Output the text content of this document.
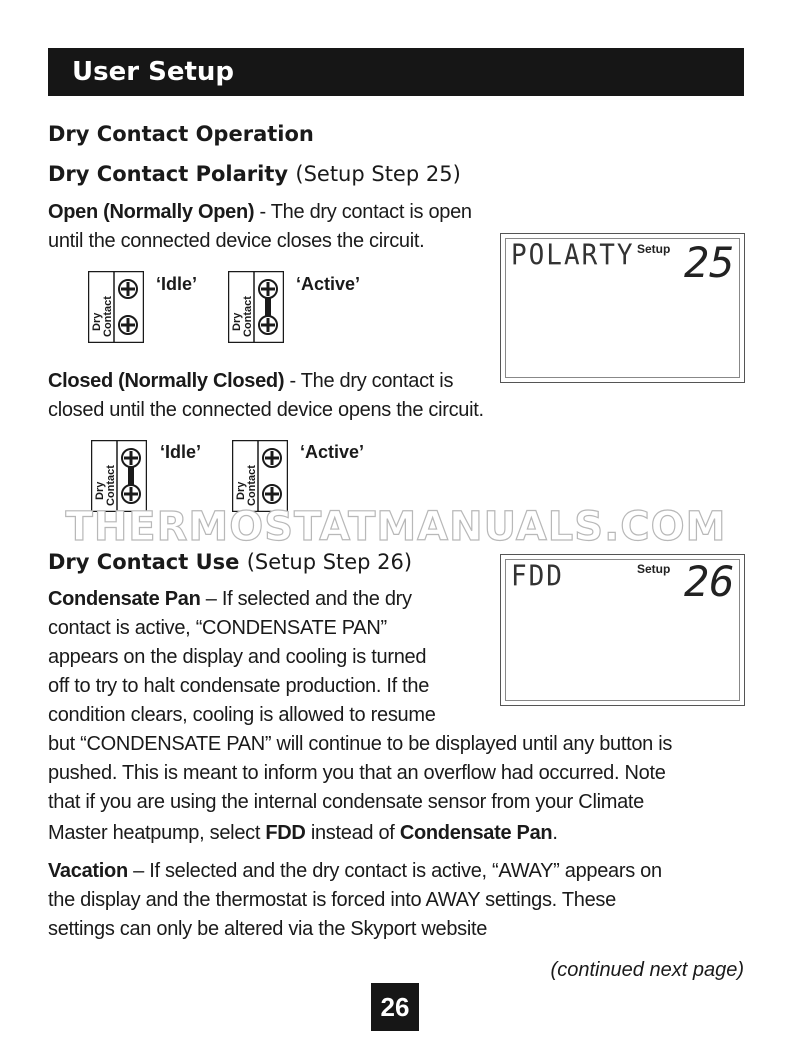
User Setup
Dry Contact Operation
Dry Contact Polarity (Setup Step 25)
Open (Normally Open) - The dry contact is open
until the connected device closes the circuit.	POLARTY Setup 25
Dry Contact
‘Idle’
Dry Contact
‘Active’
Closed (Normally Closed) - The dry contact is
closed until the connected device opens the circuit.
Dry Contact
‘Idle’
Dry Contact
‘Active’
THERMOSTATMANUALS.COM
Dry Contact Use (Setup Step 26)	FDD	Setup 26
Condensate Pan – If selected and the dry
contact is active, “CONDENSATE PAN”
appears on the display and cooling is turned
off to try to halt condensate production. If the
condition clears, cooling is allowed to resume
but “CONDENSATE PAN” will continue to be displayed until any button is
pushed. This is meant to inform you that an overflow had occurred. Note
that if you are using the internal condensate sensor from your Climate
Master heatpump, select FDD instead of Condensate Pan.
Vacation – If selected and the dry contact is active, “AWAY” appears on
the display and the thermostat is forced into AWAY settings. These
settings can only be altered via the Skyport website
(continued next page)
26
